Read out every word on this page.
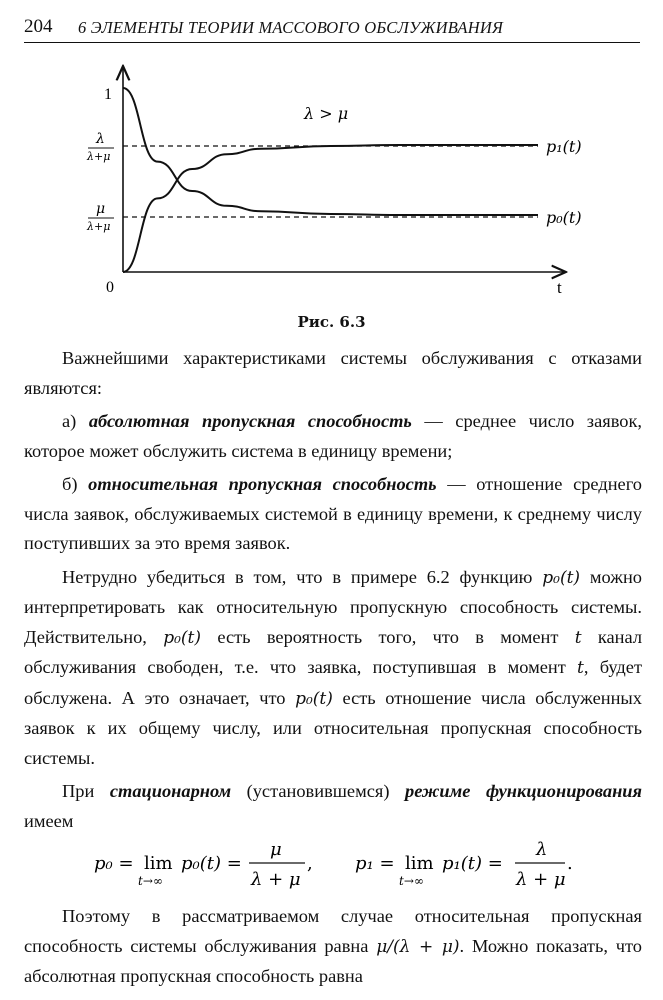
204 6 ЭЛЕМЕНТЫ ТЕОРИИ МАССОВОГО ОБСЛУЖИВАНИЯ
1
0	t
λ
λ+μ
μ
λ+μ
λ > μ
p₁(t)
p₀(t)
Рис. 6.3

Важнейшими характеристиками системы обслуживания с отказами являются:

а) абсолютная пропускная способность — среднее число заявок, которое может обслужить система в единицу времени;

б) относительная пропускная способность — отношение среднего числа заявок, обслуживаемых системой в единицу времени, к среднему числу поступивших за это время заявок.

Нетрудно убедиться в том, что в примере 6.2 функцию p₀(t) можно интерпретировать как относительную пропускную способность системы. Действительно, p₀(t) есть вероятность того, что в момент t канал обслуживания свободен, т.е. что заявка, поступившая в момент t, будет обслужена. А это означает, что p₀(t) есть отношение числа обслуженных заявок к их общему числу, или относительная пропускная способность системы.

При стационарном (установившемся) режиме функционирования имеем

p₀ = lim
t→∞
p₀(t) =
μ
λ + μ
, p₁ = lim
t→∞
p₁(t) =
λ
λ + μ
.

Поэтому в рассматриваемом случае относительная пропускная способность системы обслуживания равна μ/(λ + μ). Можно показать, что абсолютная пропускная способность равна
